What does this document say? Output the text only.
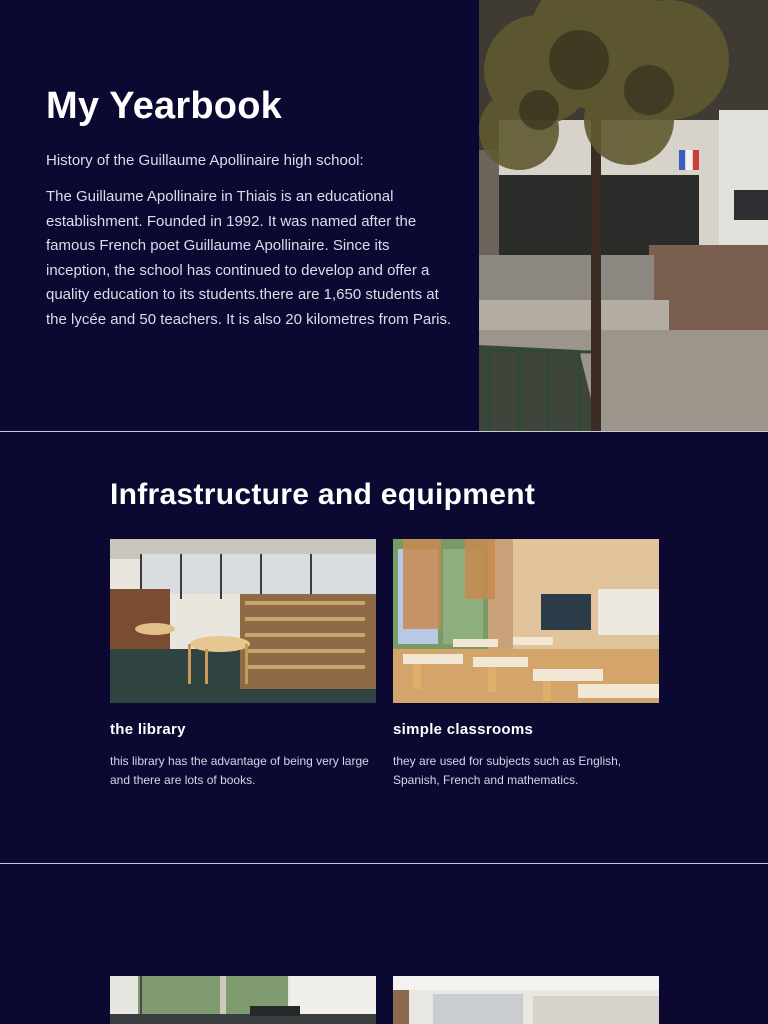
My Yearbook

History of the Guillaume Apollinaire high school:

The Guillaume Apollinaire in Thiais is an educational establishment. Founded in 1992. It was named after the famous French poet Guillaume Apollinaire. Since its inception, the school has continued to develop and offer a quality education to its students.there are 1,650 students at the lycée and 50 teachers. It is also 20 kilometres from Paris.

Infrastructure and equipment
the library

this library has the advantage of being very large and there are lots of books.

simple classrooms

they are used for subjects such as English, Spanish, French and mathematics.
